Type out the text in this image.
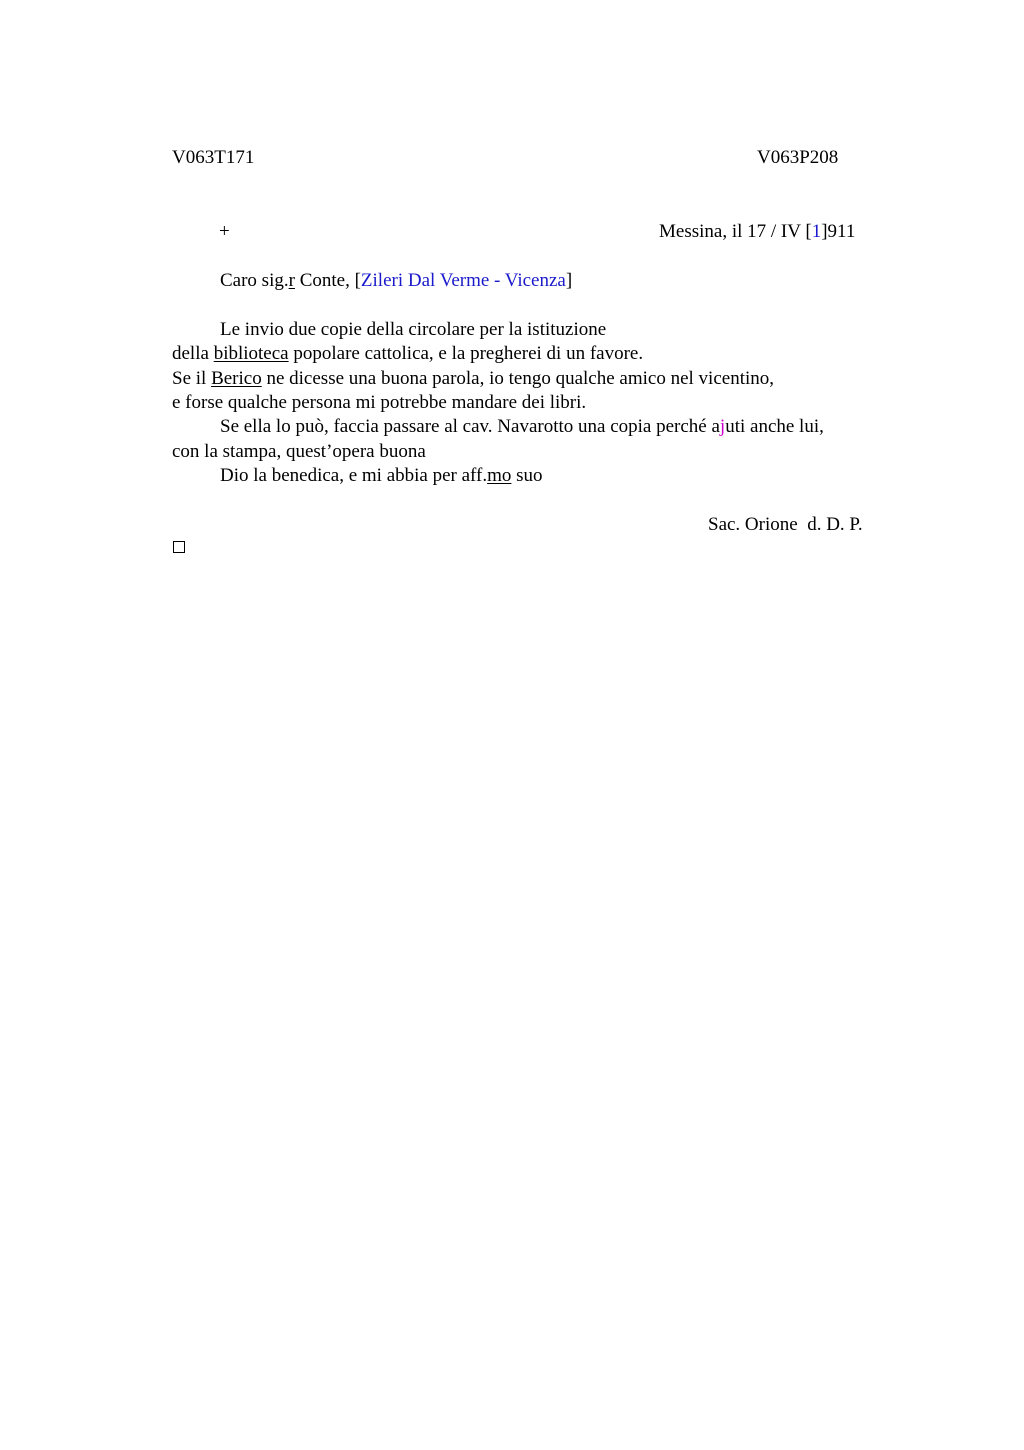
V063T171	V063P208
+	Messina, il 17 / IV [1]911
Caro sig.r Conte, [Zileri Dal Verme - Vicenza]
Le invio due copie della circolare per la istituzione
della biblioteca popolare cattolica, e la pregherei di un favore.
Se il Berico ne dicesse una buona parola, io tengo qualche amico nel vicentino,
e forse qualche persona mi potrebbe mandare dei libri.
Se ella lo può, faccia passare al cav. Navarotto una copia perché ajuti anche lui,
con la stampa, quest’opera buona
Dio la benedica, e mi abbia per aff.mo suo
Sac. Orione  d. D. P.
